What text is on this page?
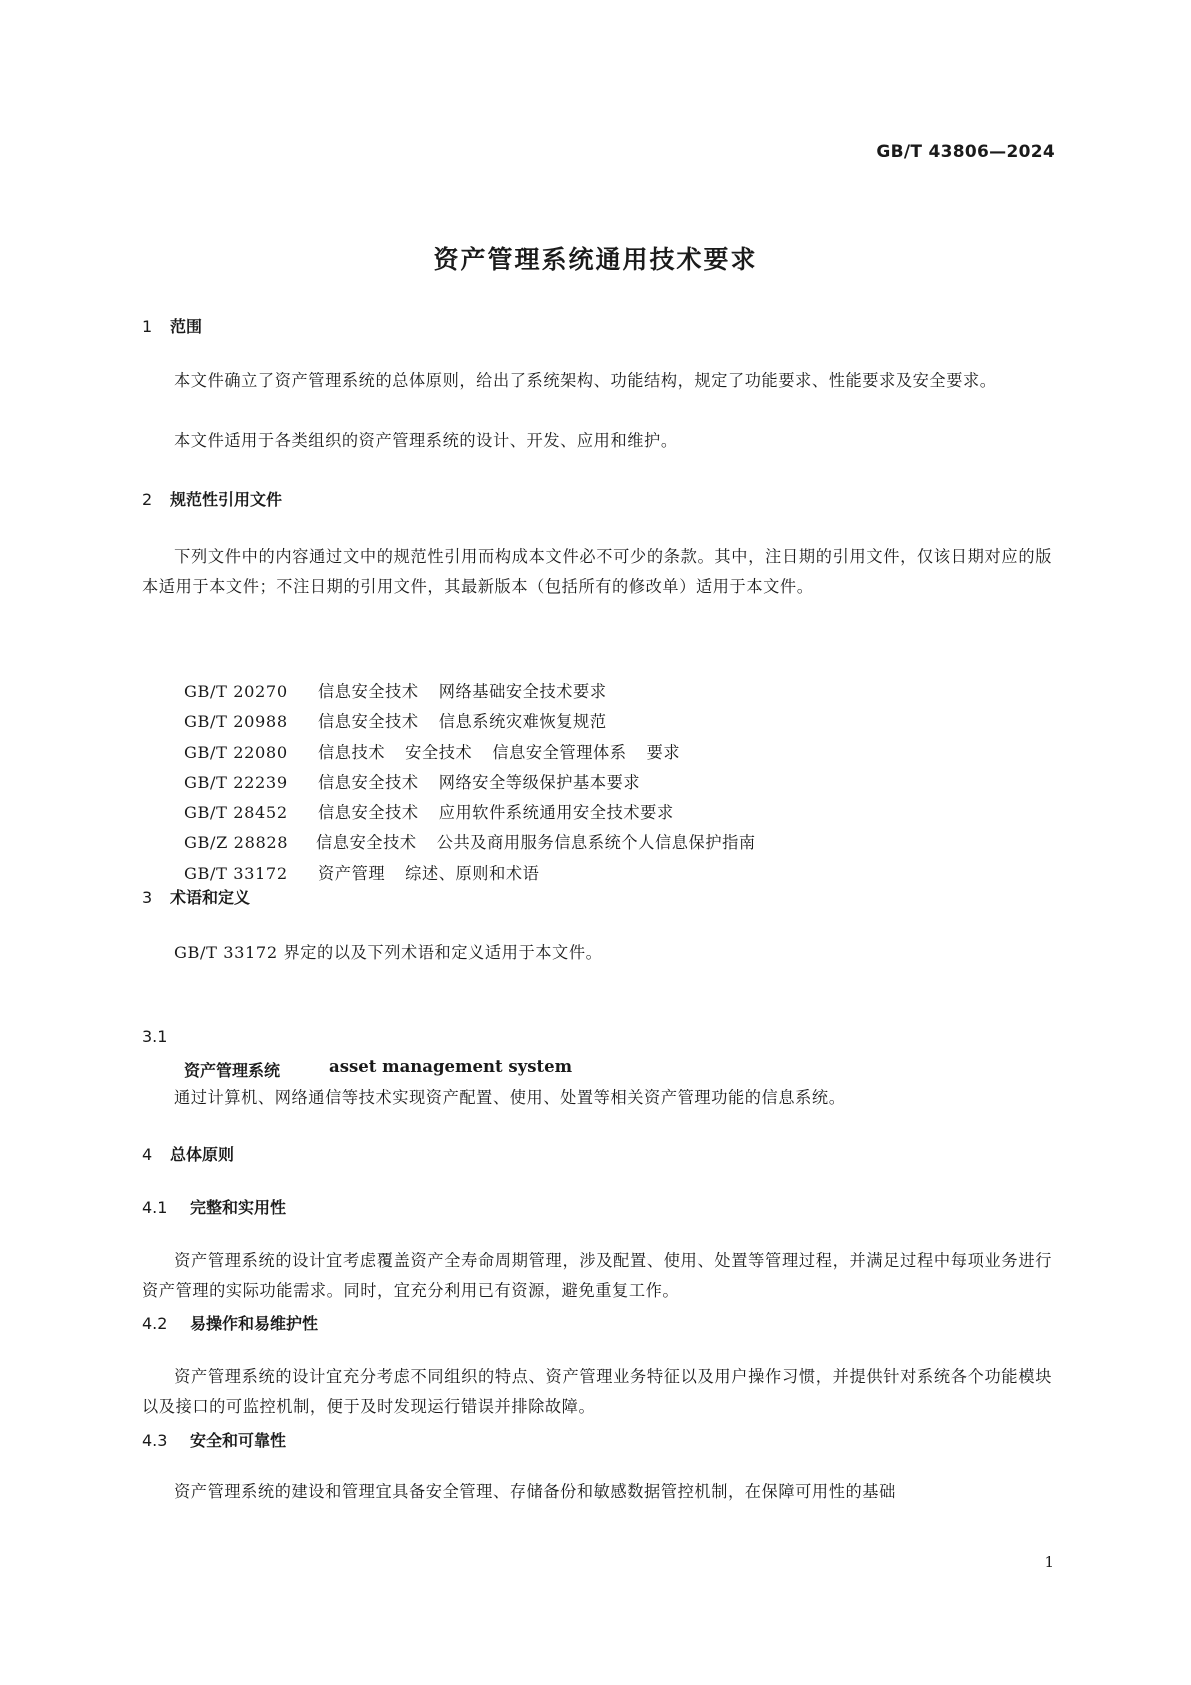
GB/T 43806—2024
资产管理系统通用技术要求
1 范围
本文件确立了资产管理系统的总体原则，给出了系统架构、功能结构，规定了功能要求、性能要求及安全要求。
本文件适用于各类组织的资产管理系统的设计、开发、应用和维护。
2 规范性引用文件
下列文件中的内容通过文中的规范性引用而构成本文件必不可少的条款。其中，注日期的引用文件，仅该日期对应的版本适用于本文件；不注日期的引用文件，其最新版本（包括所有的修改单）适用于本文件。
GB/T 20270 信息安全技术 网络基础安全技术要求
GB/T 20988 信息安全技术 信息系统灾难恢复规范
GB/T 22080 信息技术 安全技术 信息安全管理体系 要求
GB/T 22239 信息安全技术 网络安全等级保护基本要求
GB/T 28452 信息安全技术 应用软件系统通用安全技术要求
GB/Z 28828 信息安全技术 公共及商用服务信息系统个人信息保护指南
GB/T 33172 资产管理 综述、原则和术语
3 术语和定义
GB/T 33172 界定的以及下列术语和定义适用于本文件。
3.1
资产管理系统	asset management system
通过计算机、网络通信等技术实现资产配置、使用、处置等相关资产管理功能的信息系统。
4 总体原则
4.1 完整和实用性
资产管理系统的设计宜考虑覆盖资产全寿命周期管理，涉及配置、使用、处置等管理过程，并满足过程中每项业务进行资产管理的实际功能需求。同时，宜充分利用已有资源，避免重复工作。
4.2 易操作和易维护性
资产管理系统的设计宜充分考虑不同组织的特点、资产管理业务特征以及用户操作习惯，并提供针对系统各个功能模块以及接口的可监控机制，便于及时发现运行错误并排除故障。
4.3 安全和可靠性
资产管理系统的建设和管理宜具备安全管理、存储备份和敏感数据管控机制，在保障可用性的基础
1
